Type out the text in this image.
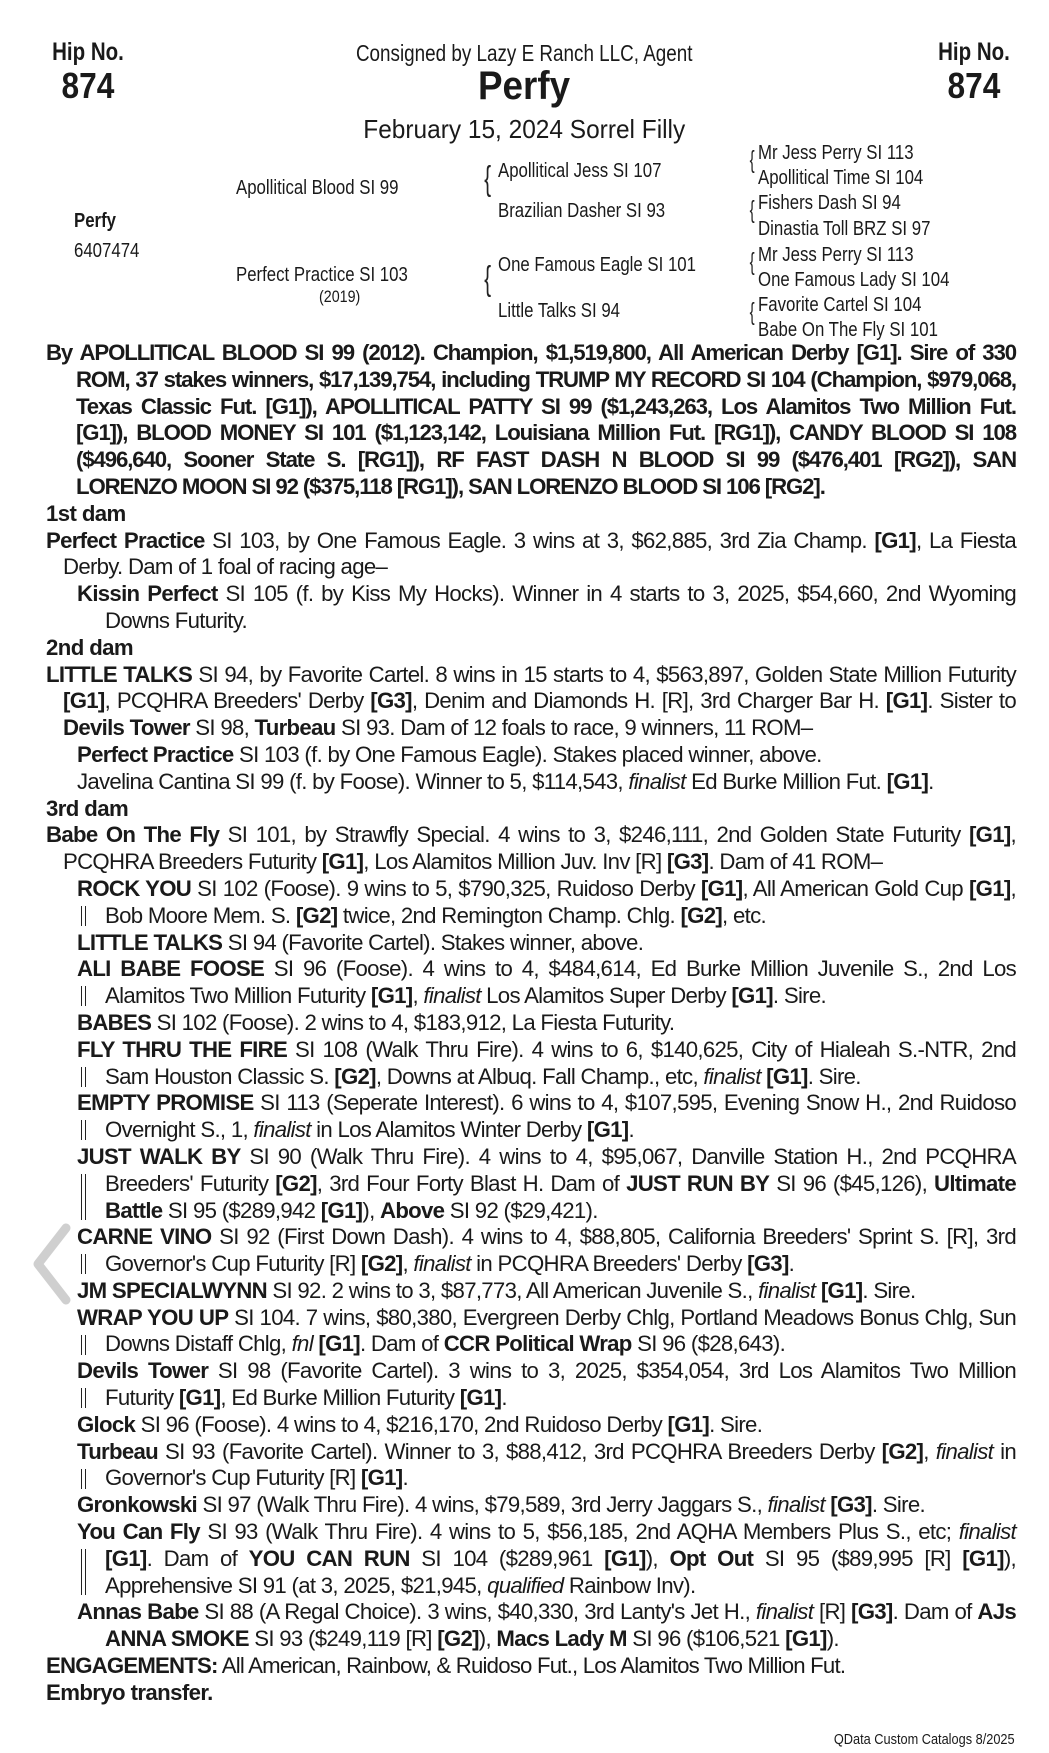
Hip No.
874
Hip No.
874
Consigned by Lazy E Ranch LLC, Agent
Perfy
February 15, 2024 Sorrel Filly
Perfy
6407474
Apollitical Blood SI 99
Perfect Practice SI 103
(2019)
{ Apollitical Jess SI 107
Brazilian Dasher SI 93
{ One Famous Eagle SI 101
Little Talks SI 94
{ Mr Jess Perry SI 113
Apollitical Time SI 104
{ Fishers Dash SI 94
Dinastia Toll BRZ SI 97
{ Mr Jess Perry SI 113
One Famous Lady SI 104
{ Favorite Cartel SI 104
Babe On The Fly SI 101

By APOLLITICAL BLOOD SI 99 (2012). Champion, $1,519,800, All American Derby [G1]. Sire of 330 ROM, 37 stakes winners, $17,139,754, including TRUMP MY RECORD SI 104 (Champion, $979,068, Texas Classic Fut. [G1]), APOLLITICAL PATTY SI 99 ($1,243,263, Los Alamitos Two Million Fut. [G1]), BLOOD MONEY SI 101 ($1,123,142, Louisiana Million Fut. [RG1]), CANDY BLOOD SI 108 ($496,640, Sooner State S. [RG1]), RF FAST DASH N BLOOD SI 99 ($476,401 [RG2]), SAN LORENZO MOON SI 92 ($375,118 [RG1]), SAN LORENZO BLOOD SI 106 [RG2].

1st dam

Perfect Practice SI 103, by One Famous Eagle. 3 wins at 3, $62,885, 3rd Zia Champ. [G1], La Fiesta Derby. Dam of 1 foal of racing age–

Kissin Perfect SI 105 (f. by Kiss My Hocks). Winner in 4 starts to 3, 2025, $54,660, 2nd Wyoming Downs Futurity.

2nd dam

LITTLE TALKS SI 94, by Favorite Cartel. 8 wins in 15 starts to 4, $563,897, Golden State Million Futurity [G1], PCQHRA Breeders' Derby [G3], Denim and Diamonds H. [R], 3rd Charger Bar H. [G1]. Sister to Devils Tower SI 98, Turbeau SI 93. Dam of 12 foals to race, 9 winners, 11 ROM–

Perfect Practice SI 103 (f. by One Famous Eagle). Stakes placed winner, above.

Javelina Cantina SI 99 (f. by Foose). Winner to 5, $114,543, finalist Ed Burke Million Fut. [G1].

3rd dam

Babe On The Fly SI 101, by Strawfly Special. 4 wins to 3, $246,111, 2nd Golden State Futurity [G1], PCQHRA Breeders Futurity [G1], Los Alamitos Million Juv. Inv [R] [G3]. Dam of 41 ROM–

ROCK YOU SI 102 (Foose). 9 wins to 5, $790,325, Ruidoso Derby [G1], All American Gold Cup [G1], Bob Moore Mem. S. [G2] twice, 2nd Remington Champ. Chlg. [G2], etc.

LITTLE TALKS SI 94 (Favorite Cartel). Stakes winner, above.

ALI BABE FOOSE SI 96 (Foose). 4 wins to 4, $484,614, Ed Burke Million Juvenile S., 2nd Los Alamitos Two Million Futurity [G1], finalist Los Alamitos Super Derby [G1]. Sire.

BABES SI 102 (Foose). 2 wins to 4, $183,912, La Fiesta Futurity.

FLY THRU THE FIRE SI 108 (Walk Thru Fire). 4 wins to 6, $140,625, City of Hialeah S.-NTR, 2nd Sam Houston Classic S. [G2], Downs at Albuq. Fall Champ., etc, finalist [G1]. Sire.

EMPTY PROMISE SI 113 (Seperate Interest). 6 wins to 4, $107,595, Evening Snow H., 2nd Ruidoso Overnight S., 1, finalist in Los Alamitos Winter Derby [G1].

JUST WALK BY SI 90 (Walk Thru Fire). 4 wins to 4, $95,067, Danville Station H., 2nd PCQHRA Breeders' Futurity [G2], 3rd Four Forty Blast H. Dam of JUST RUN BY SI 96 ($45,126), Ultimate Battle SI 95 ($289,942 [G1]), Above SI 92 ($29,421).

CARNE VINO SI 92 (First Down Dash). 4 wins to 4, $88,805, California Breeders' Sprint S. [R], 3rd Governor's Cup Futurity [R] [G2], finalist in PCQHRA Breeders' Derby [G3].

JM SPECIALWYNN SI 92. 2 wins to 3, $87,773, All American Juvenile S., finalist [G1]. Sire.

WRAP YOU UP SI 104. 7 wins, $80,380, Evergreen Derby Chlg, Portland Meadows Bonus Chlg, Sun Downs Distaff Chlg, fnl [G1]. Dam of CCR Political Wrap SI 96 ($28,643).

Devils Tower SI 98 (Favorite Cartel). 3 wins to 3, 2025, $354,054, 3rd Los Alamitos Two Million Futurity [G1], Ed Burke Million Futurity [G1].

Glock SI 96 (Foose). 4 wins to 4, $216,170, 2nd Ruidoso Derby [G1]. Sire.

Turbeau SI 93 (Favorite Cartel). Winner to 3, $88,412, 3rd PCQHRA Breeders Derby [G2], finalist in Governor's Cup Futurity [R] [G1].

Gronkowski SI 97 (Walk Thru Fire). 4 wins, $79,589, 3rd Jerry Jaggars S., finalist [G3]. Sire.

You Can Fly SI 93 (Walk Thru Fire). 4 wins to 5, $56,185, 2nd AQHA Members Plus S., etc; finalist [G1]. Dam of YOU CAN RUN SI 104 ($289,961 [G1]), Opt Out SI 95 ($89,995 [R] [G1]), Apprehensive SI 91 (at 3, 2025, $21,945, qualified Rainbow Inv).

Annas Babe SI 88 (A Regal Choice). 3 wins, $40,330, 3rd Lanty's Jet H., finalist [R] [G3]. Dam of AJs ANNA SMOKE SI 93 ($249,119 [R] [G2]), Macs Lady M SI 96 ($106,521 [G1]).

ENGAGEMENTS: All American, Rainbow, & Ruidoso Fut., Los Alamitos Two Million Fut.

Embryo transfer.

QData Custom Catalogs 8/2025
